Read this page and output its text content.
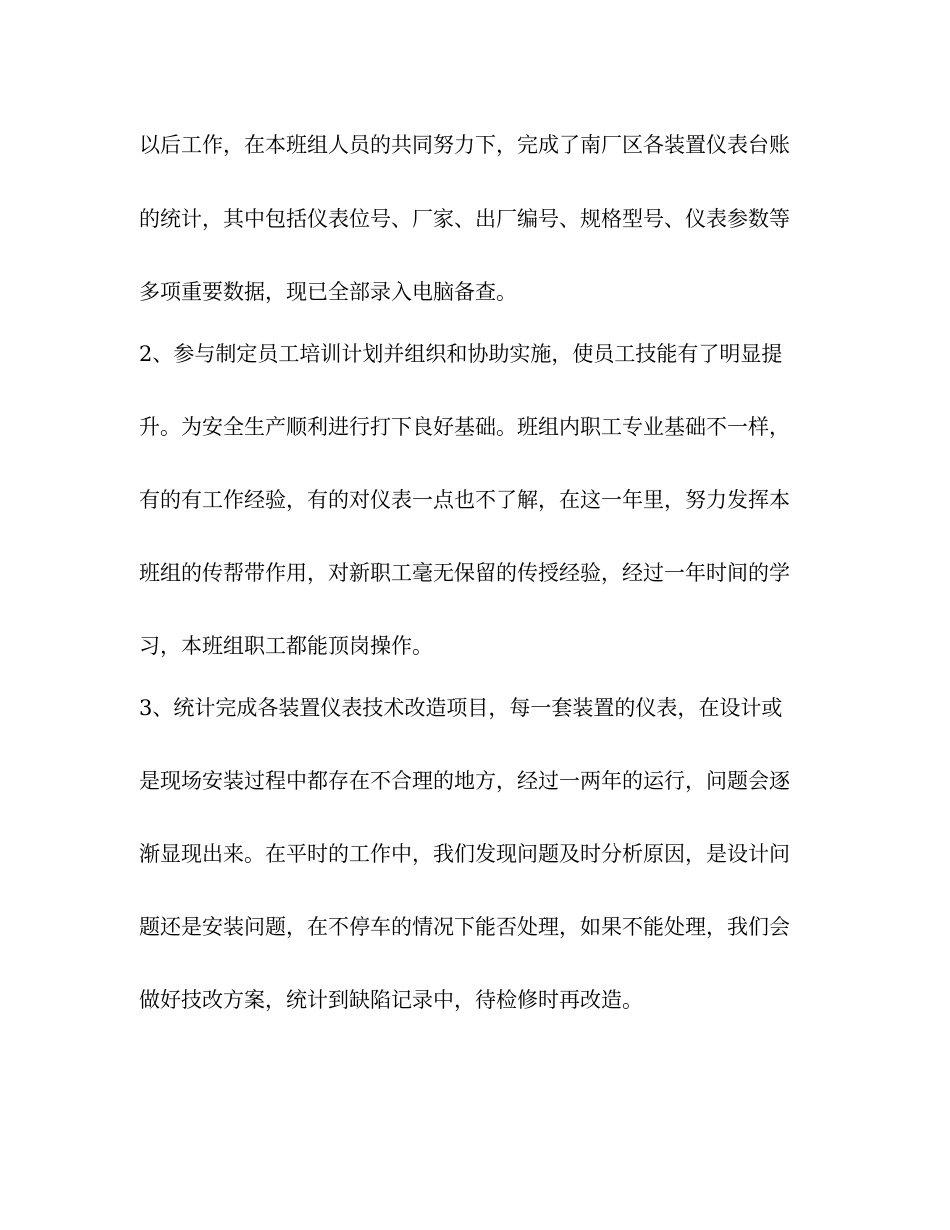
以后工作，在本班组人员的共同努力下，完成了南厂区各装置仪表台账

的统计，其中包括仪表位号、厂家、出厂编号、规格型号、仪表参数等

多项重要数据，现已全部录入电脑备查。

2、参与制定员工培训计划并组织和协助实施，使员工技能有了明显提

升。为安全生产顺利进行打下良好基础。班组内职工专业基础不一样，

有的有工作经验，有的对仪表一点也不了解，在这一年里，努力发挥本

班组的传帮带作用，对新职工毫无保留的传授经验，经过一年时间的学

习，本班组职工都能顶岗操作。

3、统计完成各装置仪表技术改造项目，每一套装置的仪表，在设计或

是现场安装过程中都存在不合理的地方，经过一两年的运行，问题会逐

渐显现出来。在平时的工作中，我们发现问题及时分析原因，是设计问

题还是安装问题，在不停车的情况下能否处理，如果不能处理，我们会

做好技改方案，统计到缺陷记录中，待检修时再改造。
